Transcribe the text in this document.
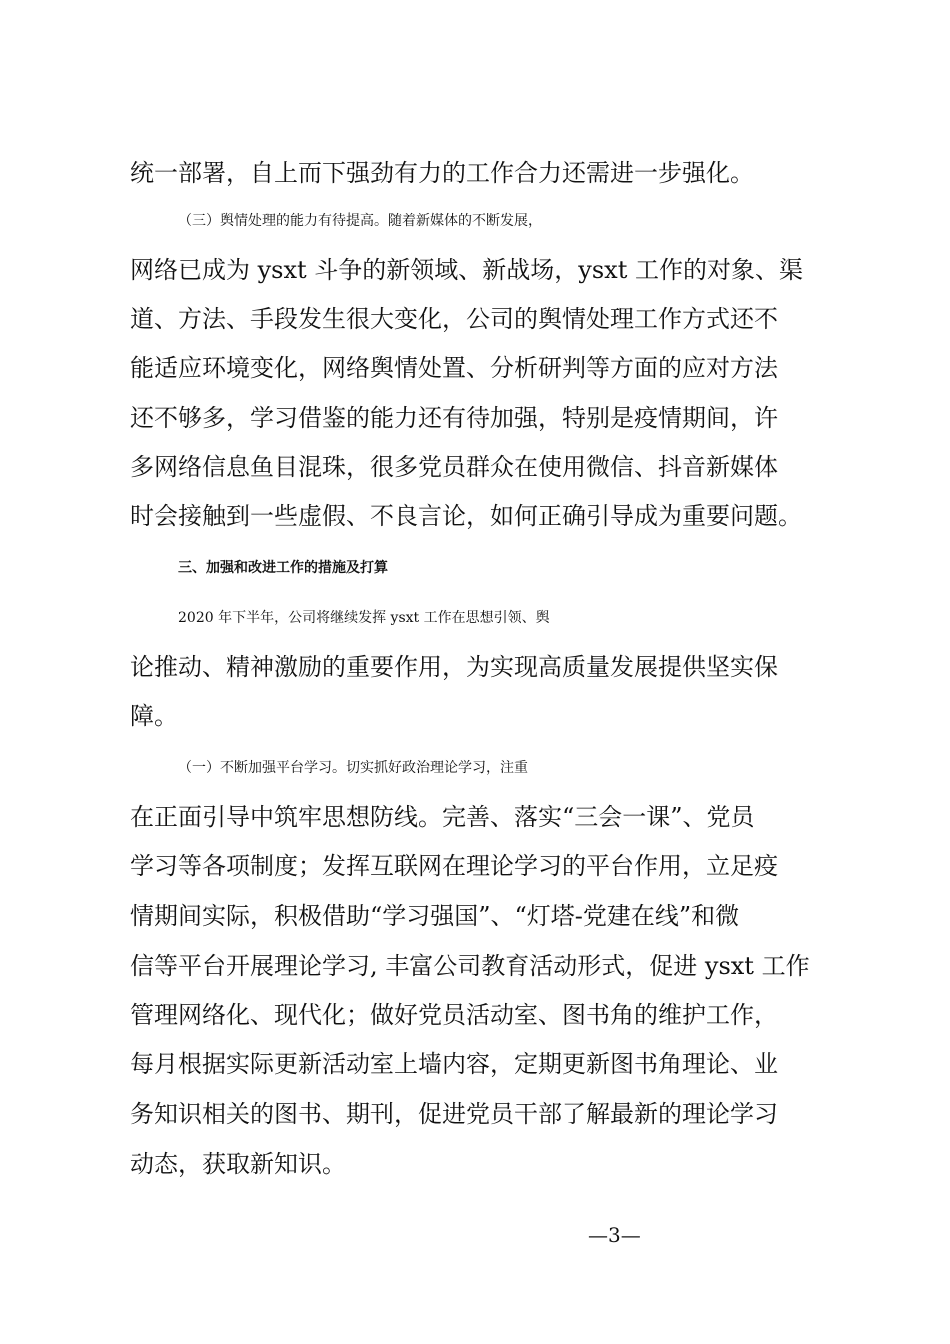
统一部署，自上而下强劲有力的工作合力还需进一步强化。
（三）舆情处理的能力有待提高。随着新媒体的不断发展，
网络已成为 ysxt 斗争的新领域、新战场，ysxt 工作的对象、渠
道、方法、手段发生很大变化，公司的舆情处理工作方式还不
能适应环境变化，网络舆情处置、分析研判等方面的应对方法
还不够多，学习借鉴的能力还有待加强，特别是疫情期间，许
多网络信息鱼目混珠，很多党员群众在使用微信、抖音新媒体
时会接触到一些虚假、不良言论，如何正确引导成为重要问题。
三、加强和改进工作的措施及打算
2020 年下半年，公司将继续发挥 ysxt 工作在思想引领、舆
论推动、精神激励的重要作用，为实现高质量发展提供坚实保
障。
（一）不断加强平台学习。切实抓好政治理论学习，注重
在正面引导中筑牢思想防线。完善、落实“三会一课”、党员
学习等各项制度；发挥互联网在理论学习的平台作用，立足疫
情期间实际，积极借助“学习强国”、“灯塔-党建在线”和微
信等平台开展理论学习, 丰富公司教育活动形式，促进 ysxt 工作
管理网络化、现代化；做好党员活动室、图书角的维护工作，
每月根据实际更新活动室上墙内容，定期更新图书角理论、业
务知识相关的图书、期刊，促进党员干部了解最新的理论学习
动态，获取新知识。
—3—
